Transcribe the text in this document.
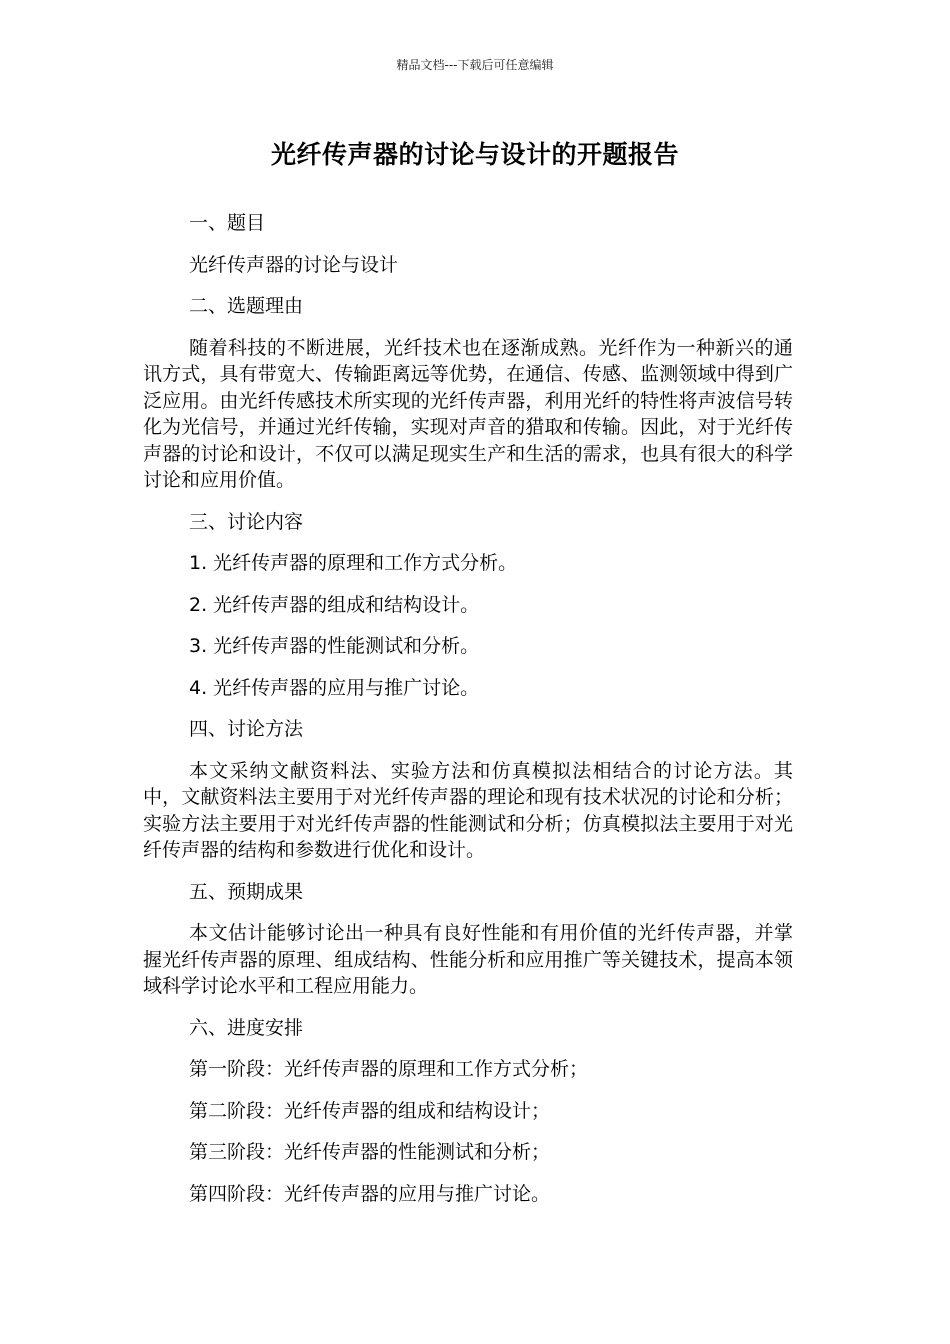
精品文档---下载后可任意编辑
光纤传声器的讨论与设计的开题报告

一、题目

光纤传声器的讨论与设计

二、选题理由

随着科技的不断进展，光纤技术也在逐渐成熟。光纤作为一种新兴的通讯方式，具有带宽大、传输距离远等优势，在通信、传感、监测领域中得到广泛应用。由光纤传感技术所实现的光纤传声器，利用光纤的特性将声波信号转化为光信号，并通过光纤传输，实现对声音的猎取和传输。因此，对于光纤传声器的讨论和设计，不仅可以满足现实生产和生活的需求，也具有很大的科学讨论和应用价值。

三、讨论内容

1. 光纤传声器的原理和工作方式分析。

2. 光纤传声器的组成和结构设计。

3. 光纤传声器的性能测试和分析。

4. 光纤传声器的应用与推广讨论。

四、讨论方法

本文采纳文献资料法、实验方法和仿真模拟法相结合的讨论方法。其中，文献资料法主要用于对光纤传声器的理论和现有技术状况的讨论和分析；实验方法主要用于对光纤传声器的性能测试和分析；仿真模拟法主要用于对光纤传声器的结构和参数进行优化和设计。

五、预期成果

本文估计能够讨论出一种具有良好性能和有用价值的光纤传声器，并掌握光纤传声器的原理、组成结构、性能分析和应用推广等关键技术，提高本领域科学讨论水平和工程应用能力。

六、进度安排

第一阶段：光纤传声器的原理和工作方式分析；

第二阶段：光纤传声器的组成和结构设计；

第三阶段：光纤传声器的性能测试和分析；

第四阶段：光纤传声器的应用与推广讨论。
